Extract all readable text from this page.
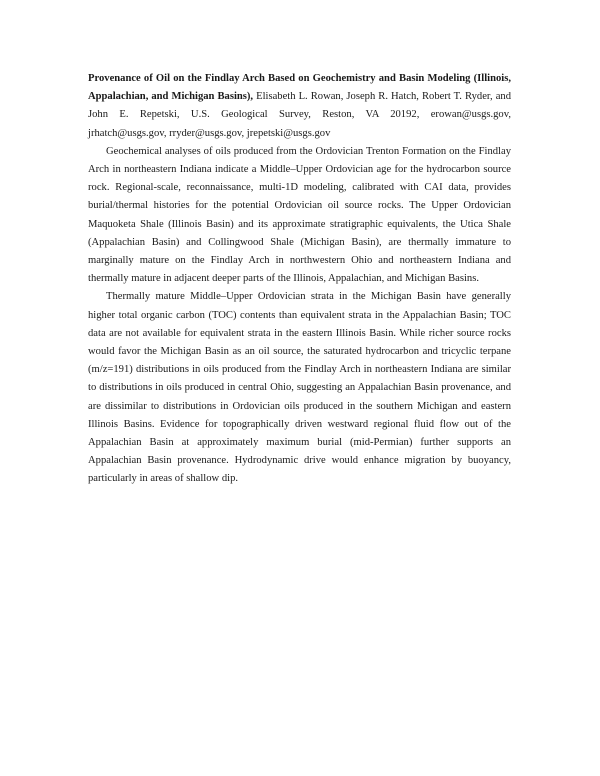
Provenance of Oil on the Findlay Arch Based on Geochemistry and Basin Modeling (Illinois, Appalachian, and Michigan Basins), Elisabeth L. Rowan, Joseph R. Hatch, Robert T. Ryder, and John E. Repetski, U.S. Geological Survey, Reston, VA 20192, erowan@usgs.gov, jrhatch@usgs.gov, rryder@usgs.gov, jrepetski@usgs.gov

Geochemical analyses of oils produced from the Ordovician Trenton Formation on the Findlay Arch in northeastern Indiana indicate a Middle–Upper Ordovician age for the hydrocarbon source rock. Regional-scale, reconnaissance, multi-1D modeling, calibrated with CAI data, provides burial/thermal histories for the potential Ordovician oil source rocks. The Upper Ordovician Maquoketa Shale (Illinois Basin) and its approximate stratigraphic equivalents, the Utica Shale (Appalachian Basin) and Collingwood Shale (Michigan Basin), are thermally immature to marginally mature on the Findlay Arch in northwestern Ohio and northeastern Indiana and thermally mature in adjacent deeper parts of the Illinois, Appalachian, and Michigan Basins.

Thermally mature Middle–Upper Ordovician strata in the Michigan Basin have generally higher total organic carbon (TOC) contents than equivalent strata in the Appalachian Basin; TOC data are not available for equivalent strata in the eastern Illinois Basin. While richer source rocks would favor the Michigan Basin as an oil source, the saturated hydrocarbon and tricyclic terpane (m/z=191) distributions in oils produced from the Findlay Arch in northeastern Indiana are similar to distributions in oils produced in central Ohio, suggesting an Appalachian Basin provenance, and are dissimilar to distributions in Ordovician oils produced in the southern Michigan and eastern Illinois Basins. Evidence for topographically driven westward regional fluid flow out of the Appalachian Basin at approximately maximum burial (mid-Permian) further supports an Appalachian Basin provenance. Hydrodynamic drive would enhance migration by buoyancy, particularly in areas of shallow dip.
